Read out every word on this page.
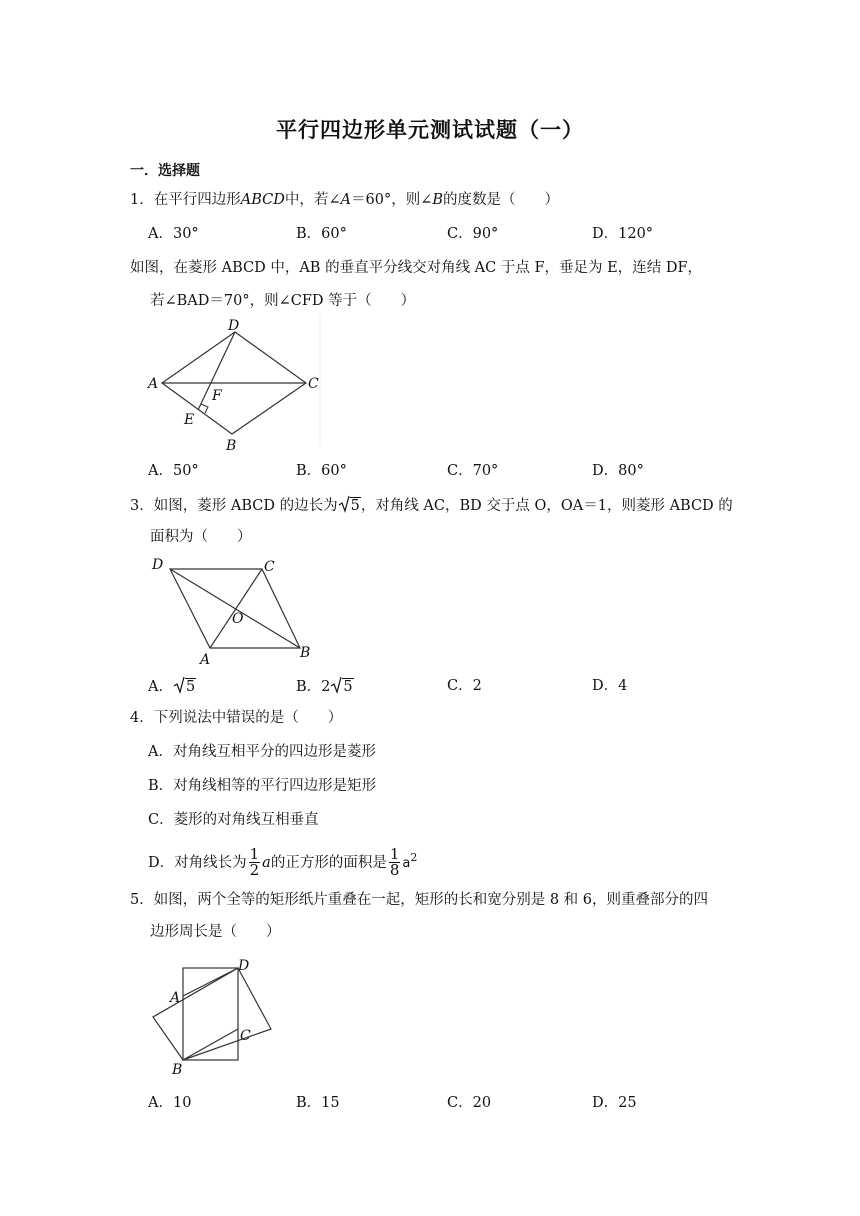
平行四边形单元测试试题（一）
一．选择题
1．在平行四边形ABCD中，若∠A＝60°，则∠B的度数是（　　）
A．30°	B．60°	C．90°	D．120°
如图，在菱形 ABCD 中，AB 的垂直平分线交对角线 AC 于点 F，垂足为 E，连结 DF，
若∠BAD＝70°，则∠CFD 等于（　　）
D
A	C
F
E
B
A．50°	B．60°	C．70°	D．80°
3．如图，菱形 ABCD 的边长为 5，对角线 AC，BD 交于点 O，OA＝1，则菱形 ABCD 的
面积为（　　）
D	C
O
A	B
A． 5	B．2 5	C．2	D．4
4．下列说法中错误的是（　　）
A．对角线互相平分的四边形是菱形
B．对角线相等的平行四边形是矩形
C．菱形的对角线互相垂直
D．对角线长为 $\frac{1}{2}$ a的正方形的面积是 $\frac{1}{8} a^2$
5．如图，两个全等的矩形纸片重叠在一起，矩形的长和宽分别是 8 和 6，则重叠部分的四
边形周长是（　　）
D
A
C
B
A．10	B．15	C．20	D．25
